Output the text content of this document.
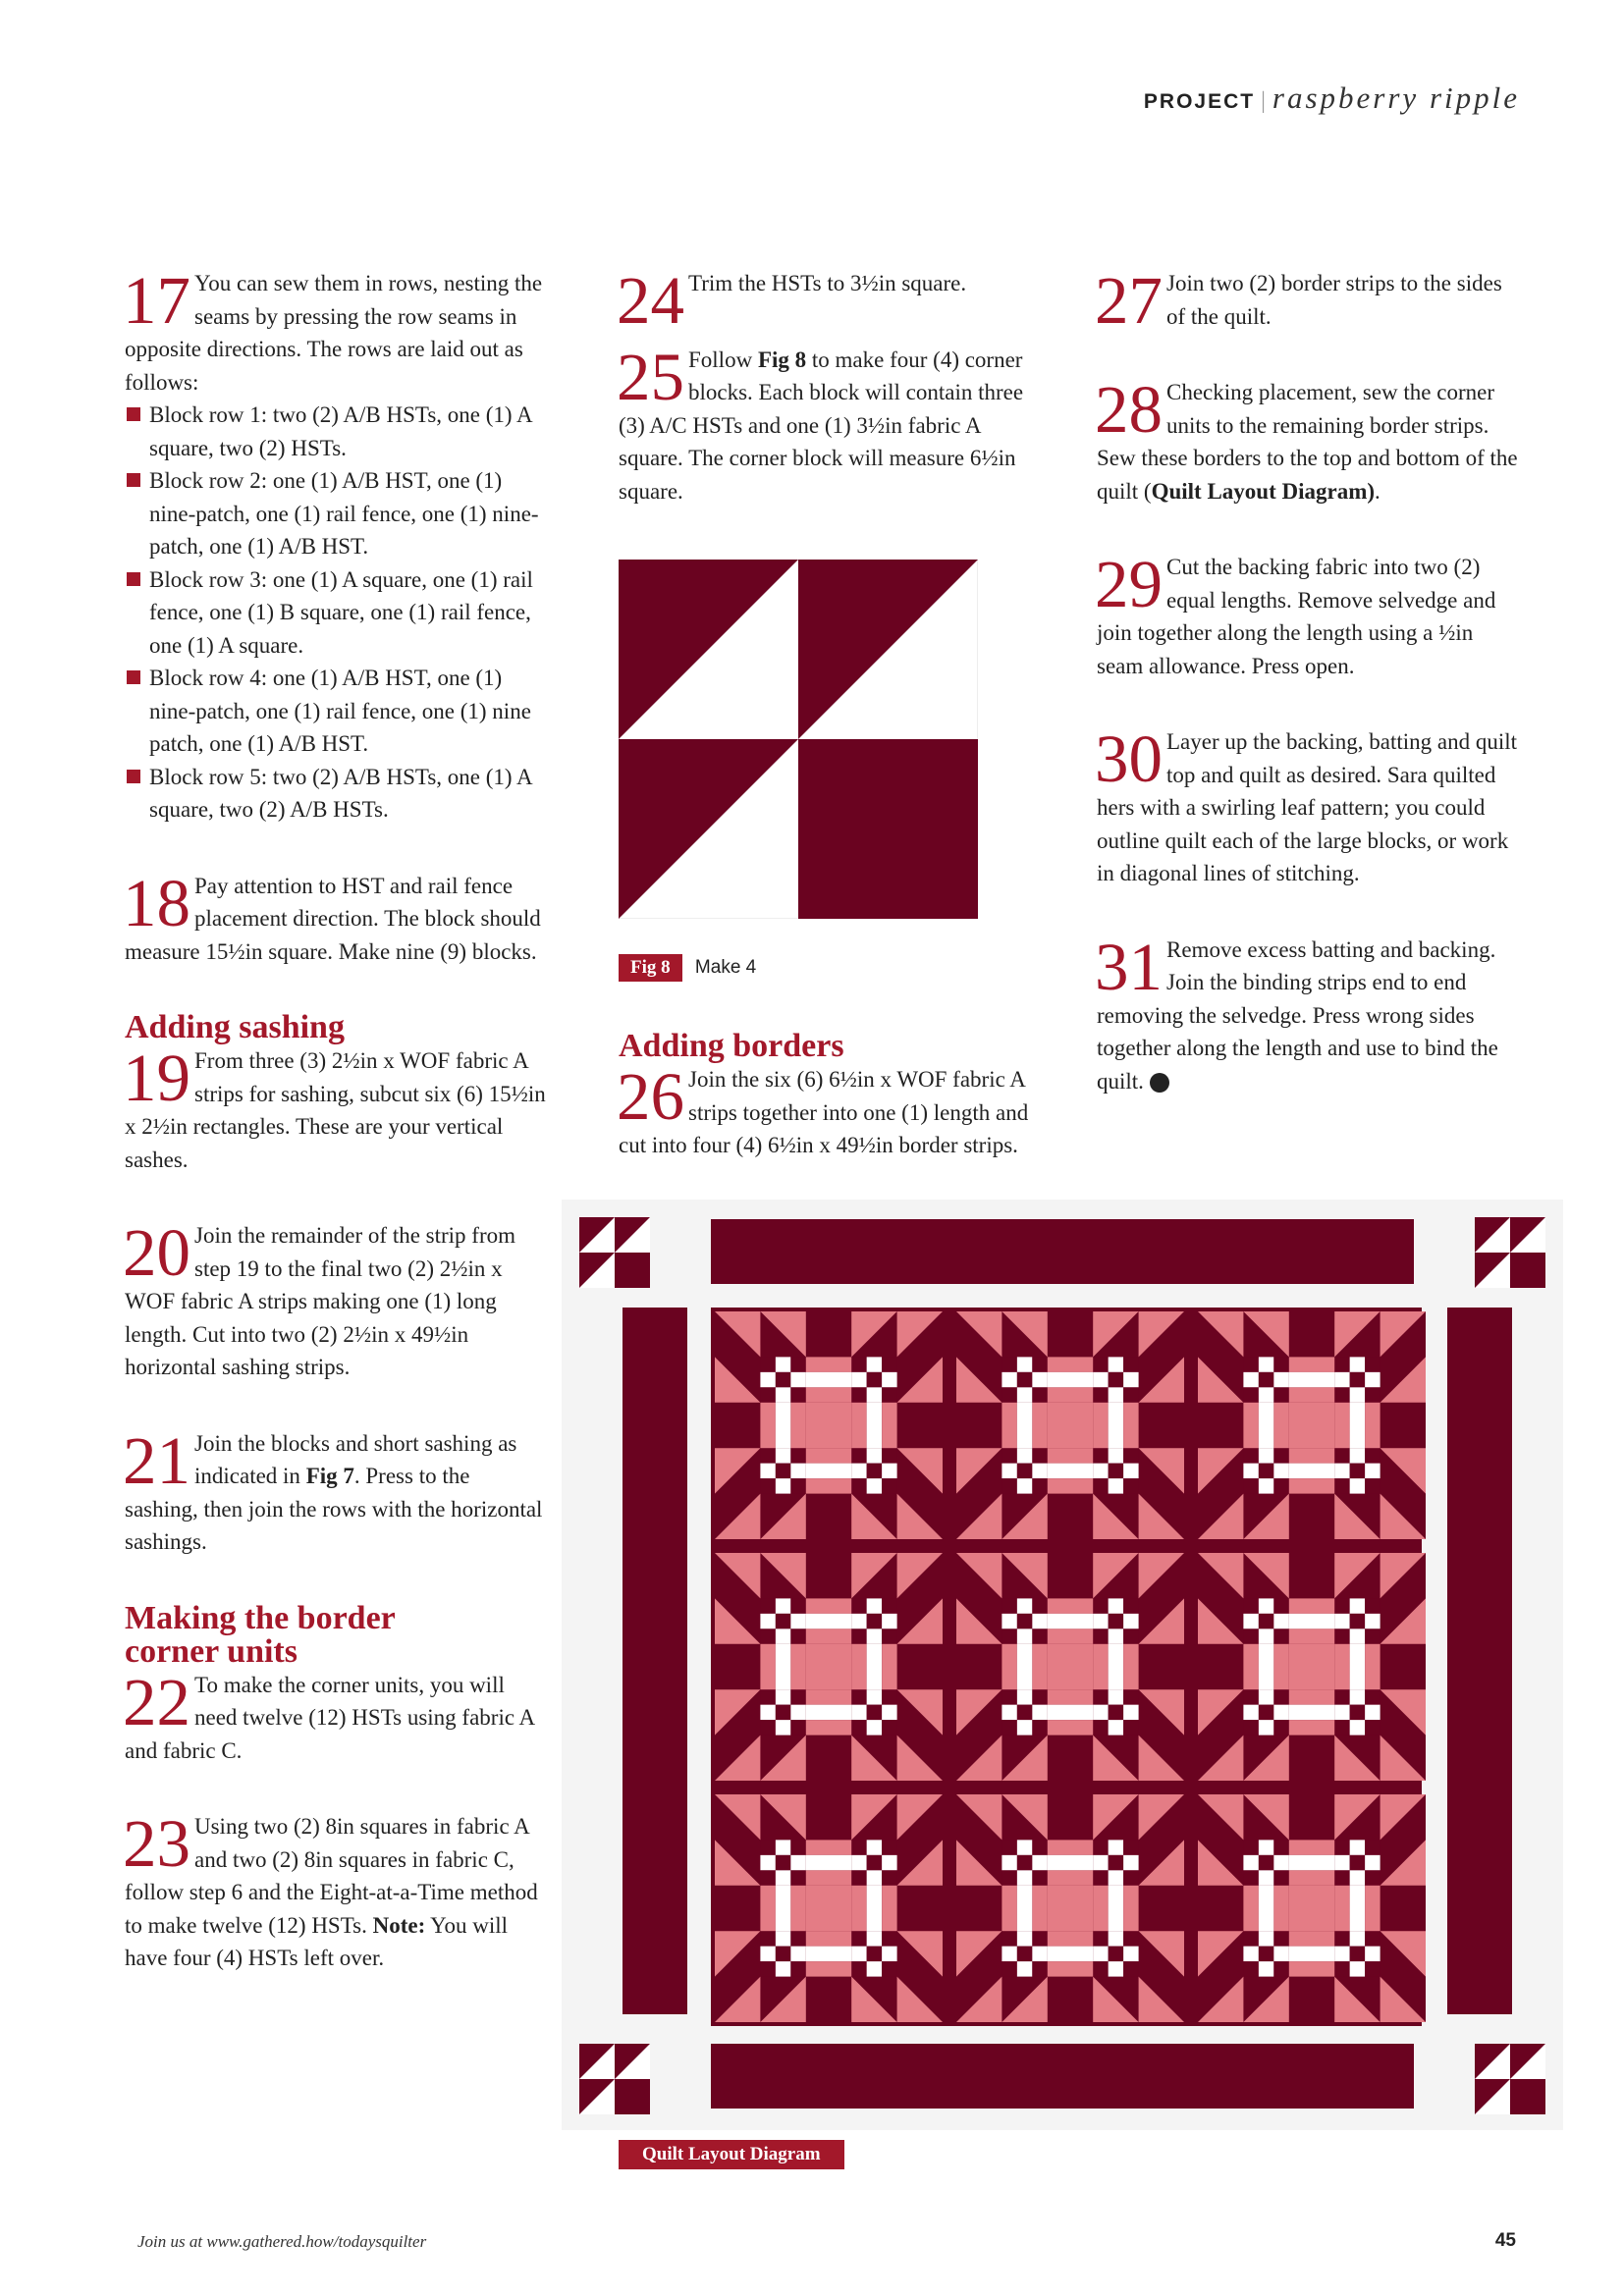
PROJECT | raspberry ripple
17 You can sew them in rows, nesting the seams by pressing the row seams in opposite directions. The rows are laid out as follows:

Block row 1: two (2) A/B HSTs, one (1) A square, two (2) HSTs.
Block row 2: one (1) A/B HST, one (1) nine-patch, one (1) rail fence, one (1) nine-patch, one (1) A/B HST.
Block row 3: one (1) A square, one (1) rail fence, one (1) B square, one (1) rail fence, one (1) A square.
Block row 4: one (1) A/B HST, one (1) nine-patch, one (1) rail fence, one (1) nine patch, one (1) A/B HST.
Block row 5: two (2) A/B HSTs, one (1) A square, two (2) A/B HSTs.
18 Pay attention to HST and rail fence placement direction. The block should measure 15½in square. Make nine (9) blocks.

Adding sashing
19 From three (3) 2½in x WOF fabric A strips for sashing, subcut six (6) 15½in x 2½in rectangles. These are your vertical sashes.

20 Join the remainder of the strip from step 19 to the final two (2) 2½in x WOF fabric A strips making one (1) long length. Cut into two (2) 2½in x 49½in horizontal sashing strips.

21 Join the blocks and short sashing as indicated in Fig 7. Press to the sashing, then join the rows with the horizontal sashings.

Making the border corner units
22 To make the corner units, you will need twelve (12) HSTs using fabric A and fabric C.

23 Using two (2) 8in squares in fabric A and two (2) 8in squares in fabric C, follow step 6 and the Eight-at-a-Time method to make twelve (12) HSTs. Note: You will have four (4) HSTs left over.

24 Trim the HSTs to 3½in square.

25 Follow Fig 8 to make four (4) corner blocks. Each block will contain three (3) A/C HSTs and one (1) 3½in fabric A square. The corner block will measure 6½in square.

Adding borders
26 Join the six (6) 6½in x WOF fabric A strips together into one (1) length and cut into four (4) 6½in x 49½in border strips.

Fig 8 Make 4
27 Join two (2) border strips to the sides of the quilt.

28 Checking placement, sew the corner units to the remaining border strips. Sew these borders to the top and bottom of the quilt (Quilt Layout Diagram).

29 Cut the backing fabric into two (2) equal lengths. Remove selvedge and join together along the length using a ½in seam allowance. Press open.

30 Layer up the backing, batting and quilt top and quilt as desired. Sara quilted hers with a swirling leaf pattern; you could outline quilt each of the large blocks, or work in diagonal lines of stitching.

31 Remove excess batting and backing. Join the binding strips end to end removing the selvedge. Press wrong sides together along the length and use to bind the quilt.

Quilt Layout Diagram
Join us at www.gathered.how/todaysquilter	45
